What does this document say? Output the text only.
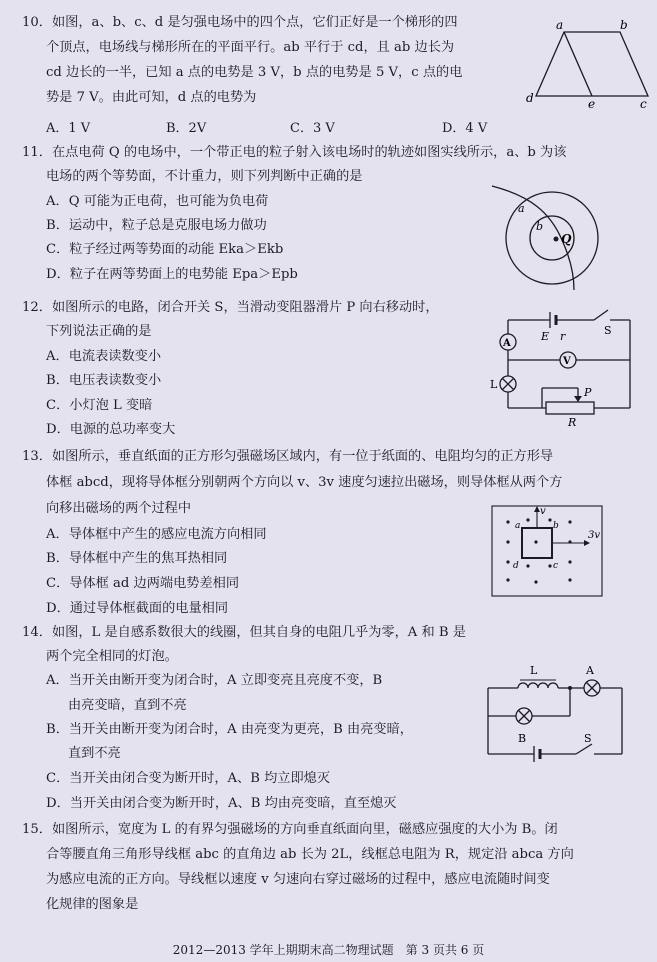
10．如图，a、b、c、d 是匀强电场中的四个点，它们正好是一个梯形的四
个顶点，电场线与梯形所在的平面平行。ab 平行于 cd，且 ab 边长为
cd 边长的一半，已知 a 点的电势是 3 V，b 点的电势是 5 V，c 点的电
势是 7 V。由此可知，d 点的电势为
A．1 V	B．2V	C．3 V	D．4 V
a	b
c
d	e
11．在点电荷 Q 的电场中，一个带正电的粒子射入该电场时的轨迹如图实线所示，a、b 为该
电场的两个等势面，不计重力，则下列判断中正确的是
A．Q 可能为正电荷，也可能为负电荷
B．运动中，粒子总是克服电场力做功
C．粒子经过两等势面的动能 Eka＞Ekb
D．粒子在两等势面上的电势能 Epa＞Epb
a
b
Q
12．如图所示的电路，闭合开关 S，当滑动变阻器滑片 P 向右移动时，
下列说法正确的是
A．电流表读数变小
B．电压表读数变小
C．小灯泡 L 变暗
D．电源的总功率变大
E r	S
A
V
L
P
R
13．如图所示，垂直纸面的正方形匀强磁场区域内，有一位于纸面的、电阻均匀的正方形导
体框 abcd，现将导体框分别朝两个方向以 v、3v 速度匀速拉出磁场，则导体框从两个方
向移出磁场的两个过程中
A．导体框中产生的感应电流方向相同
B．导体框中产生的焦耳热相同
C．导体框 ad 边两端电势差相同
D．通过导体框截面的电量相同
v
3v
a	b
c
d
14．如图，L 是自感系数很大的线圈，但其自身的电阻几乎为零，A 和 B 是
两个完全相同的灯泡。
A．当开关由断开变为闭合时，A 立即变亮且亮度不变，B
由亮变暗，直到不亮
B．当开关由断开变为闭合时，A 由亮变为更亮，B 由亮变暗，
直到不亮
C．当开关由闭合变为断开时，A、B 均立即熄灭
D．当开关由闭合变为断开时，A、B 均由亮变暗，直至熄灭
L	A
B	S
15．如图所示，宽度为 L 的有界匀强磁场的方向垂直纸面向里，磁感应强度的大小为 B。闭
合等腰直角三角形导线框 abc 的直角边 ab 长为 2L，线框总电阻为 R，规定沿 abca 方向
为感应电流的正方向。导线框以速度 v 匀速向右穿过磁场的过程中，感应电流随时间变
化规律的图象是
2012—2013 学年上期期末高二物理试题　第 3 页共 6 页
